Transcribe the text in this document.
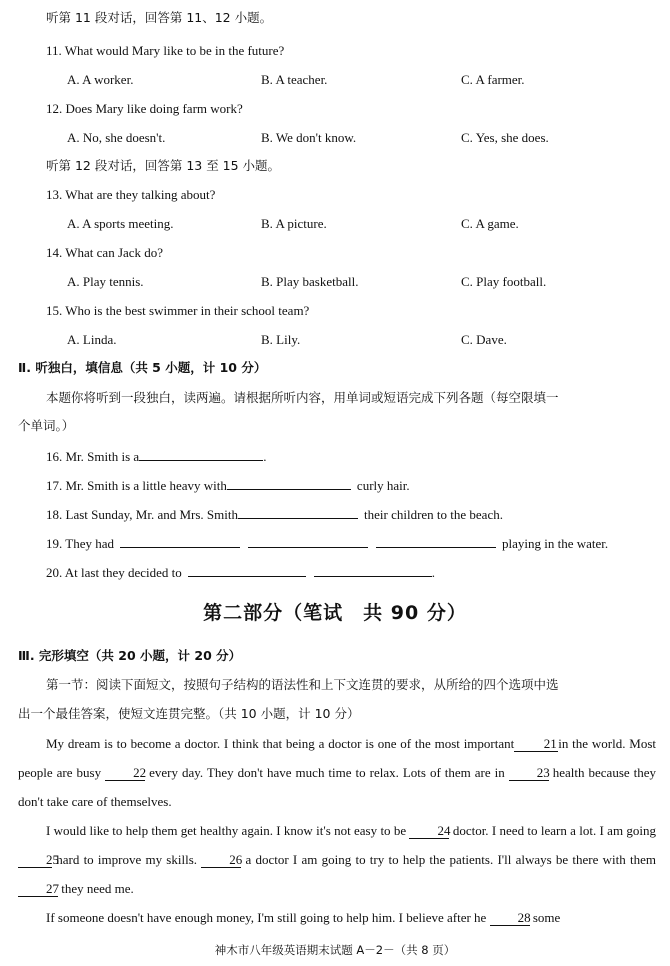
听第 11 段对话，回答第 11、12 小题。
11. What would Mary like to be in the future?
A. A worker.	B. A teacher.	C. A farmer.
12. Does Mary like doing farm work?
A. No, she doesn't.	B. We don't know.	C. Yes, she does.
听第 12 段对话，回答第 13 至 15 小题。
13. What are they talking about?
A. A sports meeting.	B. A picture.	C. A game.
14. What can Jack do?
A. Play tennis.	B. Play basketball.	C. Play football.
15. Who is the best swimmer in their school team?
A. Linda.	B. Lily.	C. Dave.
Ⅱ. 听独白，填信息（共 5 小题，计 10 分）
本题你将听到一段独白，读两遍。请根据所听内容，用单词或短语完成下列各题（每空限填一
个单词。）
16. Mr. Smith is a	.
17. Mr. Smith is a little heavy with	curly hair.
18. Last Sunday, Mr. and Mrs. Smith	their children to the beach.
19. They had	playing in the water.
20. At last they decided to	.
第二部分（笔试　共 90 分）
Ⅲ. 完形填空（共 20 小题，计 20 分）
第一节：阅读下面短文，按照句子结构的语法性和上下文连贯的要求，从所给的四个选项中选
出一个最佳答案，使短文连贯完整。（共 10 小题，计 10 分）

My dream is to become a doctor. I think that being a doctor is one of the most important 21 in the world. Most people are busy 22 every day. They don't have much time to relax. Lots of them are in 23 health because they don't take care of themselves.

I would like to help them get healthy again. I know it's not easy to be 24 doctor. I need to learn a lot. I am going 25 hard to improve my skills. 26 a doctor I am going to try to help the patients. I'll always be there with them 27 they need me.

If someone doesn't have enough money, I'm still going to help him. I believe after he 28 some

神木市八年级英语期末试题 A－2－（共 8 页）
